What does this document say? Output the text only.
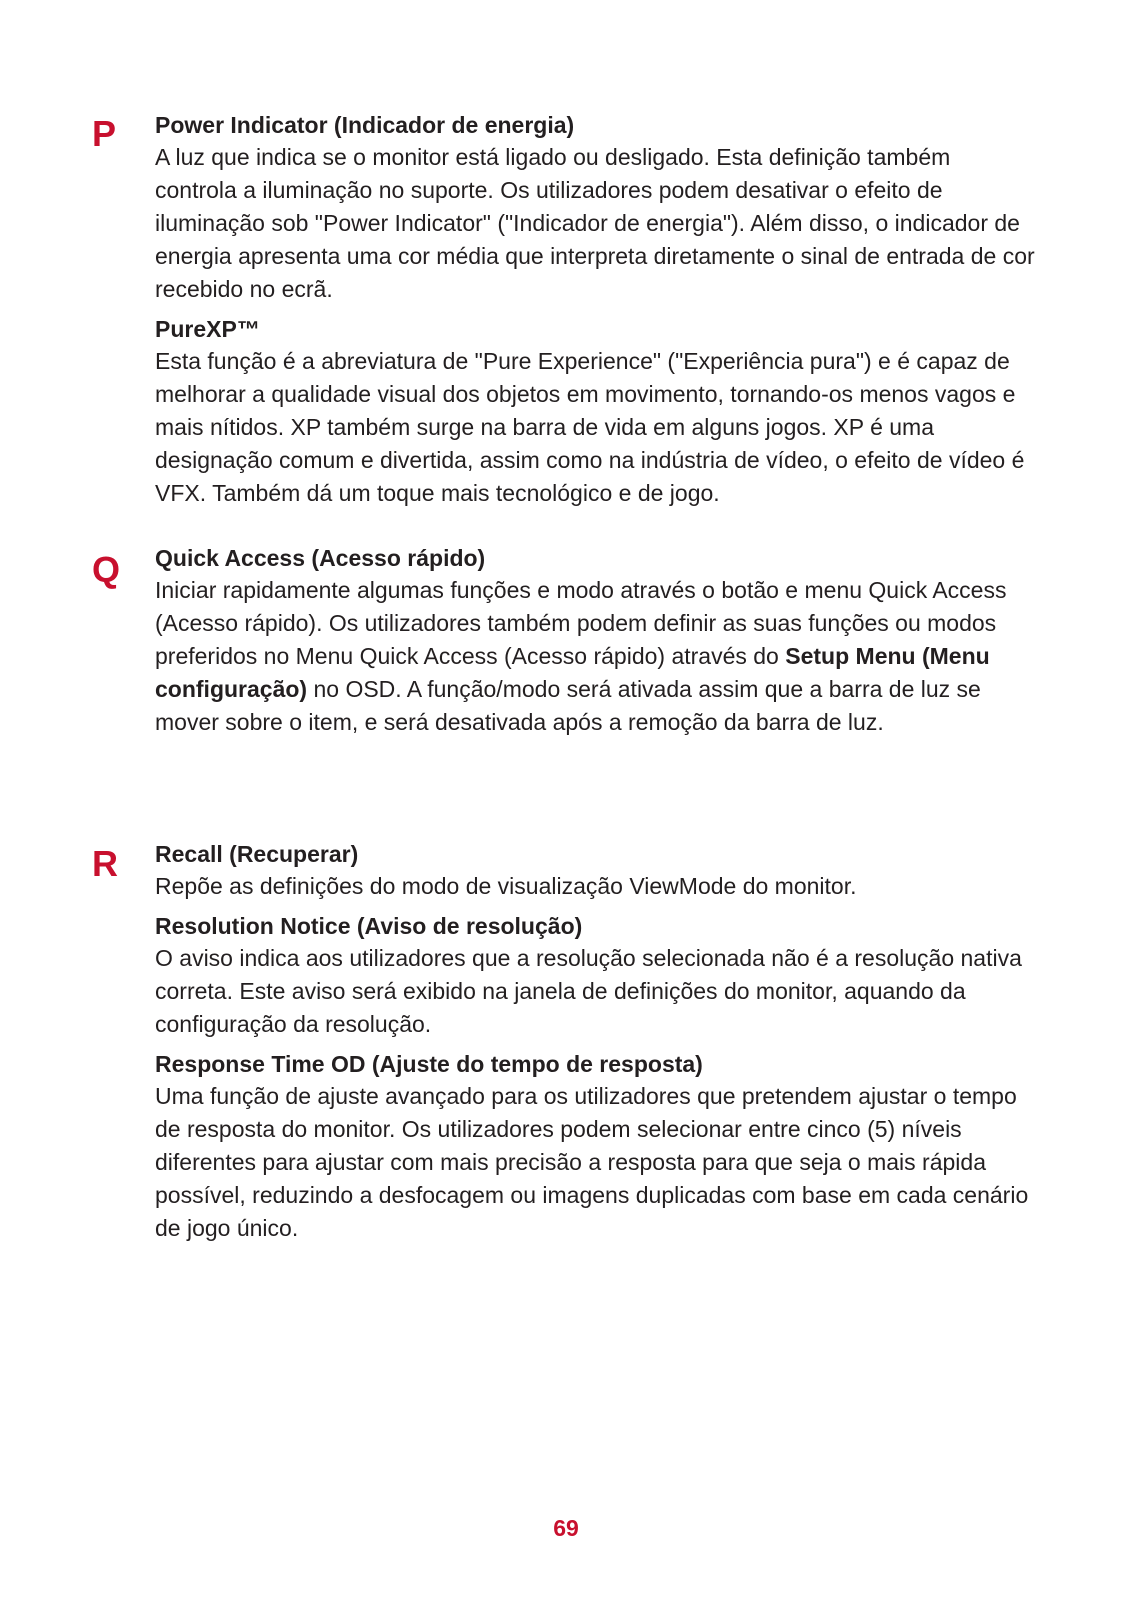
P Power Indicator (Indicador de energia)

A luz que indica se o monitor está ligado ou desligado. Esta definição também controla a iluminação no suporte. Os utilizadores podem desativar o efeito de iluminação sob "Power Indicator" ("Indicador de energia"). Além disso, o indicador de energia apresenta uma cor média que interpreta diretamente o sinal de entrada de cor recebido no ecrã.

PureXP™

Esta função é a abreviatura de "Pure Experience" ("Experiência pura") e é capaz de melhorar a qualidade visual dos objetos em movimento, tornando-os menos vagos e mais nítidos. XP também surge na barra de vida em alguns jogos. XP é uma designação comum e divertida, assim como na indústria de vídeo, o efeito de vídeo é VFX. Também dá um toque mais tecnológico e de jogo.

Q Quick Access (Acesso rápido)

Iniciar rapidamente algumas funções e modo através o botão e menu Quick Access (Acesso rápido). Os utilizadores também podem definir as suas funções ou modos preferidos no Menu Quick Access (Acesso rápido) através do Setup Menu (Menu configuração) no OSD. A função/modo será ativada assim que a barra de luz se mover sobre o item, e será desativada após a remoção da barra de luz.

R Recall (Recuperar)

Repõe as definições do modo de visualização ViewMode do monitor.

Resolution Notice (Aviso de resolução)

O aviso indica aos utilizadores que a resolução selecionada não é a resolução nativa correta. Este aviso será exibido na janela de definições do monitor, aquando da configuração da resolução.

Response Time OD (Ajuste do tempo de resposta)

Uma função de ajuste avançado para os utilizadores que pretendem ajustar o tempo de resposta do monitor. Os utilizadores podem selecionar entre cinco (5) níveis diferentes para ajustar com mais precisão a resposta para que seja o mais rápida possível, reduzindo a desfocagem ou imagens duplicadas com base em cada cenário de jogo único.

69
